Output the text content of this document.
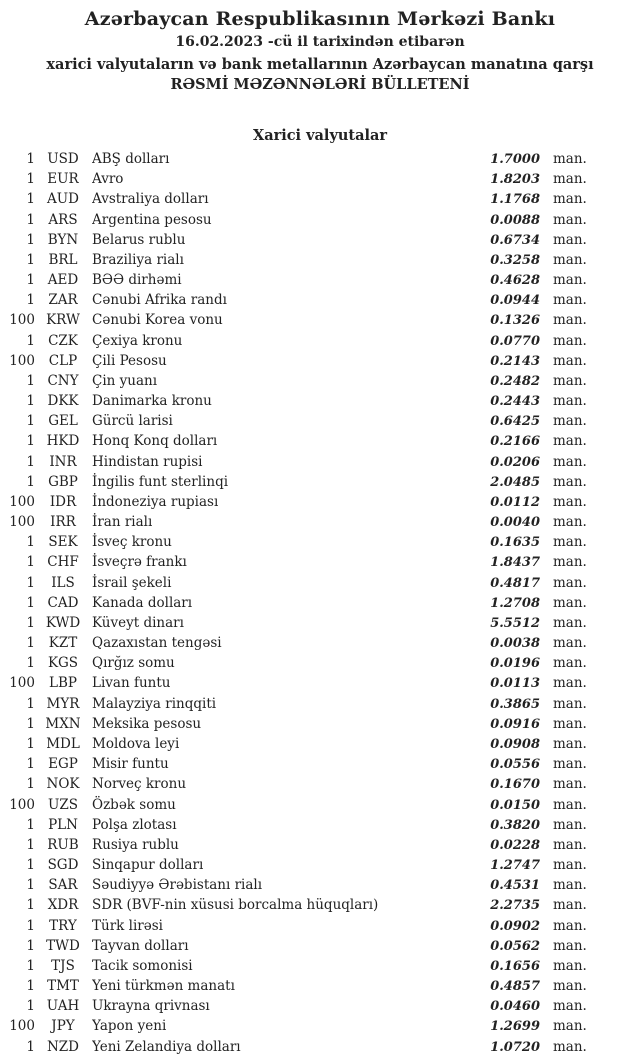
Azərbaycan Respublikasının Mərkəzi Bankı
16.02.2023 -cü il tarixindən etibarən
xarici valyutaların və bank metallarının Azərbaycan manatına qarşı
RƏSMİ MƏZƏNNƏLƏRİ BÜLLETENİ
Xarici valyutalar
1 USD ABŞ dolları	1.7000 man.
1 EUR Avro	1.8203 man.
1 AUD Avstraliya dolları	1.1768 man.
1 ARS	Argentina pesosu	0.0088 man.
1 BYN	Belarus rublu	0.6734 man.
1 BRL	Braziliya rialı	0.3258 man.
1 AED	BƏƏ dirhəmi	0.4628 man.
1 ZAR	Cənubi Afrika randı	0.0944 man.
100 KRW Cənubi Korea vonu	0.1326 man.
1 CZK	Çexiya kronu	0.0770 man.
100	CLP	Çili Pesosu	0.2143 man.
1 CNY Çin yuanı	0.2482 man.
1 DKK	Danimarka kronu	0.2443 man.
1 GEL	Gürcü larisi	0.6425 man.
1 HKD Honq Konq dolları	0.2166 man.
1	INR	Hindistan rupisi	0.0206 man.
1 GBP	İngilis funt sterlinqi	2.0485 man.
100	IDR	İndoneziya rupiası	0.0112 man.
100	IRR	İran rialı	0.0040 man.
1 SEK	İsveç kronu	0.1635 man.
1 CHF İsveçrə frankı	1.8437 man.
1	ILS	İsrail şekeli	0.4817 man.
1 CAD	Kanada dolları	1.2708 man.
1 KWD Küveyt dinarı	5.5512 man.
1	KZT	Qazaxıstan tengəsi	0.0038 man.
1 KGS	Qırğız somu	0.0196 man.
100	LBP	Livan funtu	0.0113 man.
1 MYR Malayziya rinqqiti	0.3865 man.
1 MXN Meksika pesosu	0.0916 man.
1 MDL Moldova leyi	0.0908 man.
1 EGP	Misir funtu	0.0556 man.
1 NOK Norveç kronu	0.1670 man.
100 UZS	Özbək somu	0.0150 man.
1 PLN	Polşa zlotası	0.3820 man.
1 RUB Rusiya rublu	0.0228 man.
1 SGD	Sinqapur dolları	1.2747 man.
1 SAR	Səudiyyə Ərəbistanı rialı	0.4531 man.
1 XDR	SDR (BVF-nin xüsusi borcalma hüquqları)	2.2735 man.
1	TRY	Türk lirəsi	0.0902 man.
1 TWD Tayvan dolları	0.0562 man.
1	TJS	Tacik somonisi	0.1656 man.
1 TMT Yeni türkmən manatı	0.4857 man.
1 UAH Ukrayna qrivnası	0.0460 man.
100	JPY	Yapon yeni	1.2699 man.
1 NZD Yeni Zelandiya dolları	1.0720 man.
